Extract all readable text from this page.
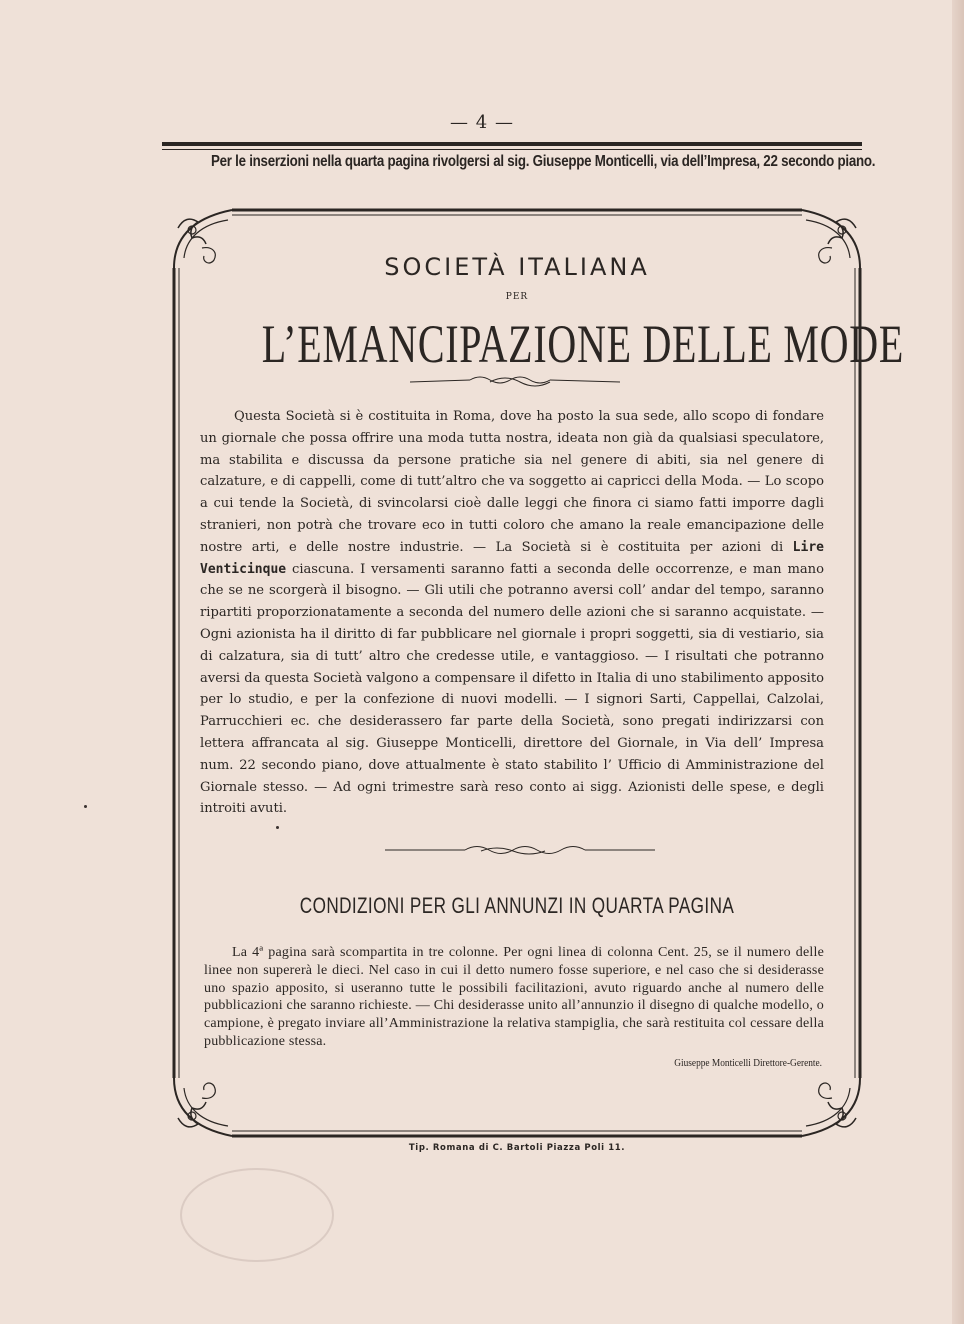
— 4 —
Per le inserzioni nella quarta pagina rivolgersi al sig. Giuseppe Monticelli, via dell’Impresa, 22 secondo piano.
SOCIETÀ ITALIANA
PER
L’EMANCIPAZIONE DELLE MODE
Questa Società si è costituita in Roma, dove ha posto la sua sede, allo scopo di fondare un giornale che possa offrire una moda tutta nostra, ideata non già da qualsiasi speculatore, ma stabilita e discussa da persone pratiche sia nel genere di abiti, sia nel genere di calzature, e di cappelli, come di tutt’altro che va soggetto ai capricci della Moda. — Lo scopo a cui tende la Società, di svincolarsi cioè dalle leggi che finora ci siamo fatti imporre dagli stranieri, non potrà che trovare eco in tutti coloro che amano la reale emancipazione delle nostre arti, e delle nostre industrie. — La Società si è costituita per azioni di Lire Venticinque ciascuna. I versamenti saranno fatti a seconda delle occorrenze, e man mano che se ne scorgerà il bisogno. — Gli utili che potranno aversi coll’ andar del tempo, saranno ripartiti proporzionatamente a seconda del numero delle azioni che si saranno acquistate. — Ogni azionista ha il diritto di far pubblicare nel giornale i propri soggetti, sia di vestiario, sia di calzatura, sia di tutt’ altro che credesse utile, e vantaggioso. — I risultati che potranno aversi da questa Società valgono a compensare il difetto in Italia di uno stabilimento apposito per lo studio, e per la confezione di nuovi modelli. — I signori Sarti, Cappellai, Calzolai, Parrucchieri ec. che desiderassero far parte della Società, sono pregati indirizzarsi con lettera affrancata al sig. Giuseppe Monticelli, direttore del Giornale, in Via dell’ Impresa num. 22 secondo piano, dove attualmente è stato stabilito l’ Ufficio di Amministrazione del Giornale stesso. — Ad ogni trimestre sarà reso conto ai sigg. Azionisti delle spese, e degli introiti avuti.
CONDIZIONI PER GLI ANNUNZI IN QUARTA PAGINA
La 4ª pagina sarà scompartita in tre colonne. Per ogni linea di colonna Cent. 25, se il numero delle linee non supererà le dieci. Nel caso in cui il detto numero fosse superiore, e nel caso che si desiderasse uno spazio apposito, si useranno tutte le possibili facilitazioni, avuto riguardo anche al numero delle pubblicazioni che saranno richieste. — Chi desiderasse unito all’annunzio il disegno di qualche modello, o campione, è pregato inviare all’Amministrazione la relativa stampiglia, che sarà restituita col cessare della pubblicazione stessa.
Giuseppe Monticelli Direttore-Gerente.
Tip. Romana di C. Bartoli Piazza Poli 11.
